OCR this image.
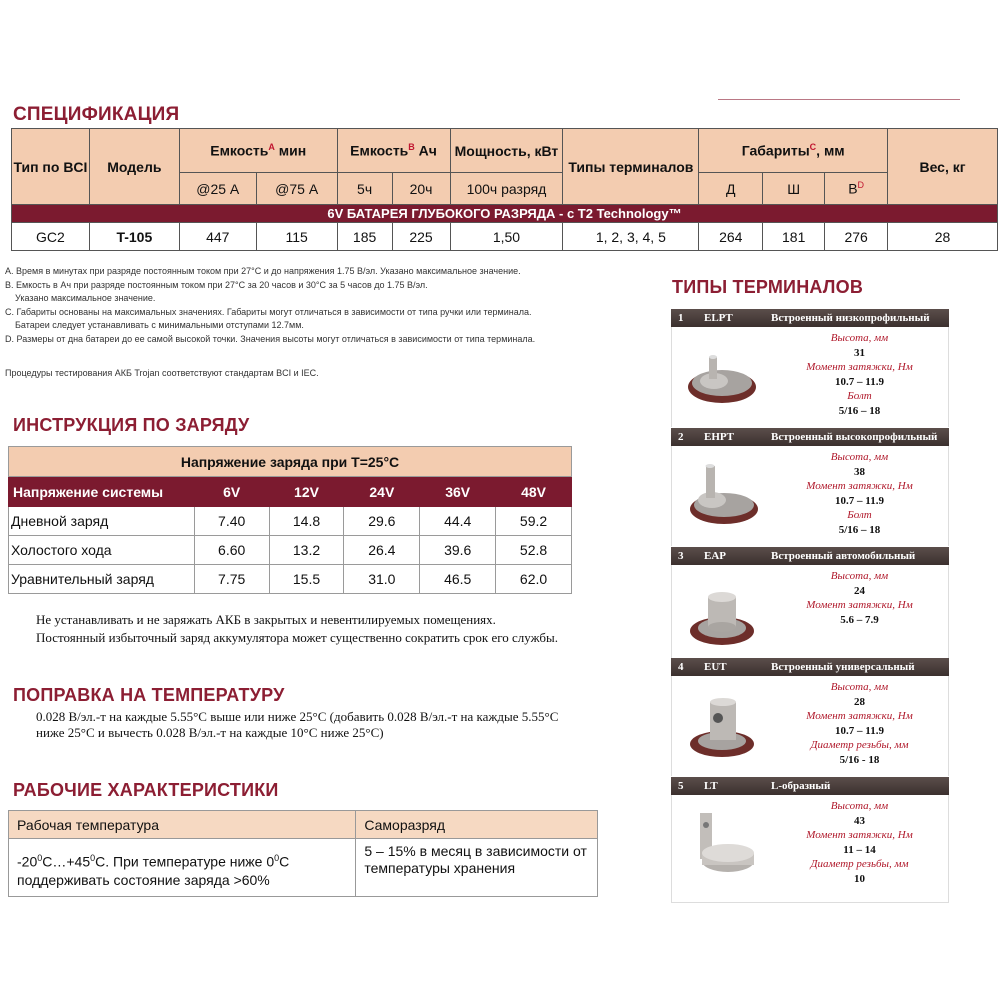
СПЕЦИФИКАЦИЯ
Тип по BCI	Модель	Емкость$^A$ мин		Емкость$^B$ Ач		Мощность, кВт	Типы терминалов	Габариты$^C$, мм			Вес, кг
		@25 А	@75 А	5ч	20ч	100ч разряд		Д	Ш	$В^D$
6V БАТАРЕЯ ГЛУБОКОГО РАЗРЯДА - с T2 Technology™											
GC2	T-105	447	115	185	225	1,50	1, 2, 3, 4, 5	264	181	276	28

A. Время в минутах при разряде постоянным током при 27°С и до напряжения 1.75 В/эл. Указано максимальное значение.

B. Емкость в Ач при разряде постоянным током при 27°С за 20 часов и 30°С за 5 часов до 1.75 В/эл.

Указано максимальное значение.

C. Габариты основаны на максимальных значениях. Габариты могут отличаться в зависимости от типа ручки или терминала.

Батареи следует устанавливать с минимальными отступами 12.7мм.

D. Размеры от дна батареи до ее самой высокой точки. Значения высоты могут отличаться в зависимости от типа терминала.

Процедуры тестирования АКБ Trojan соответствуют стандартам BCI и IEC.
ИНСТРУКЦИЯ ПО ЗАРЯДУ
Напряжение заряда при Т=25°С					
Напряжение системы	6V	12V	24V	36V	48V
Дневной заряд	7.40	14.8	29.6	44.4	59.2
Холостого хода	6.60	13.2	26.4	39.6	52.8
Уравнительный заряд	7.75	15.5	31.0	46.5	62.0
Не устанавливать и не заряжать АКБ в закрытых и невентилируемых помещениях.
Постоянный избыточный заряд аккумулятора может существенно сократить срок его службы.
ПОПРАВКА НА ТЕМПЕРАТУРУ
0.028 В/эл.-т на каждые 5.55°С выше или ниже 25°С (добавить 0.028 В/эл.-т на каждые 5.55°С
ниже 25°С и вычесть 0.028 В/эл.-т на каждые 10°С ниже 25°С)
РАБОЧИЕ ХАРАКТЕРИСТИКИ
Рабочая температура	Саморазряд
$-20^0С\dots+45^0С$. При температуре ниже $0^0С$
поддерживать состояние заряда >60%	5 – 15% в месяц в зависимости от температуры хранения
ТИПЫ ТЕРМИНАЛОВ
1 ELPT	Встроенный низкопрофильный
Высота, мм
31
Момент затяжки, Нм
10.7 – 11.9
Болт
5/16 – 18
2 EHPT	Встроенный высокопрофильный
Высота, мм
38
Момент затяжки, Нм
10.7 – 11.9
Болт
5/16 – 18
3 EAP	Встроенный автомобильный
Высота, мм
24
Момент затяжки, Нм
5.6 – 7.9
4 EUT	Встроенный универсальный
Высота, мм
28
Момент затяжки, Нм
10.7 – 11.9
Диаметр резьбы, мм
5/16 - 18
5 LT	L-образный
Высота, мм
43
Момент затяжки, Нм
11 – 14
Диаметр резьбы, мм
10
